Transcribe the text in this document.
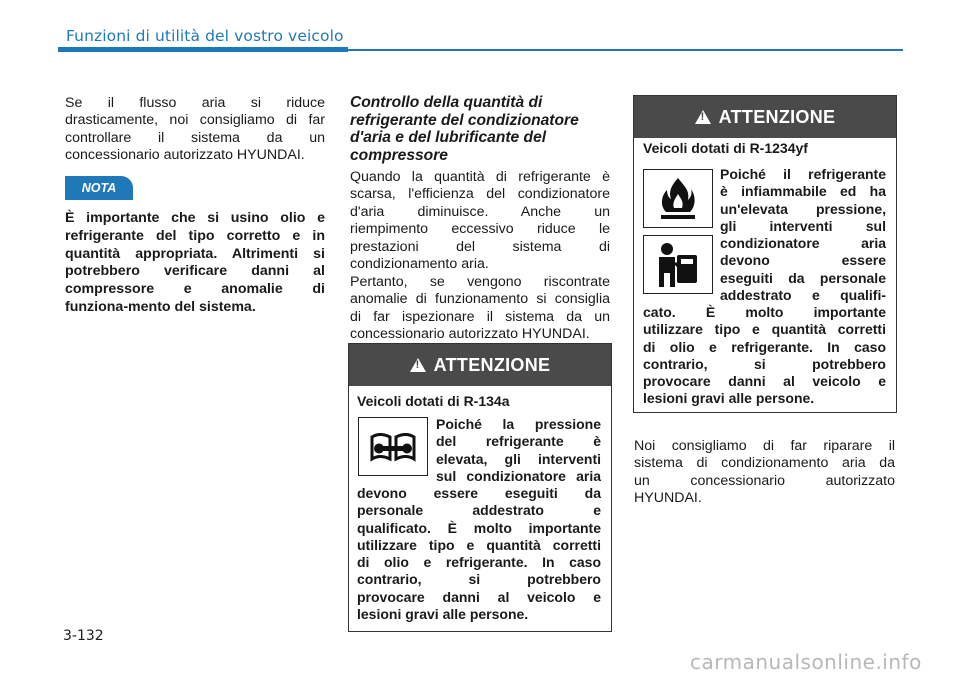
Funzioni di utilità del vostro veicolo
Se il flusso aria si riduce
drasticamente, noi consigliamo di far
controllare il sistema da un
concessionario autorizzato HYUNDAI.
NOTA
È importante che si usino olio e
refrigerante del tipo corretto e in
quantità appropriata. Altrimenti si
potrebbero verificare danni al
compressore e anomalie di
funziona-mento del sistema.
Controllo della quantità di refrigerante del condizionatore d'aria e del lubrificante del compressore
Quando la quantità di refrigerante è
scarsa, l'efficienza del condizionatore
d'aria diminuisce. Anche un
riempimento eccessivo riduce le
prestazioni del sistema di
condizionamento aria.
Pertanto, se vengono riscontrate
anomalie di funzionamento si consiglia
di far ispezionare il sistema da un
concessionario autorizzato HYUNDAI.
!
ATTENZIONE
Veicoli dotati di R-134a
Poiché la pressione
del refrigerante è
elevata, gli interventi
sul condizionatore aria
devono essere eseguiti da
personale addestrato e
qualificato. È molto importante
utilizzare tipo e quantità corretti
di olio e refrigerante. In caso
contrario, si potrebbero
provocare danni al veicolo e
lesioni gravi alle persone.
!
ATTENZIONE
Veicoli dotati di R-1234yf
Poiché il refrigerante
è infiammabile ed ha
un'elevata pressione,
gli interventi sul
condizionatore aria
devono essere
eseguiti da personale
addestrato e qualifi-
cato. È molto importante
utilizzare tipo e quantità corretti
di olio e refrigerante. In caso
contrario, si potrebbero
provocare danni al veicolo e
lesioni gravi alle persone.
Noi consigliamo di far riparare il
sistema di condizionamento aria da
un concessionario autorizzato
HYUNDAI.
3-132
carmanualsonline.info
